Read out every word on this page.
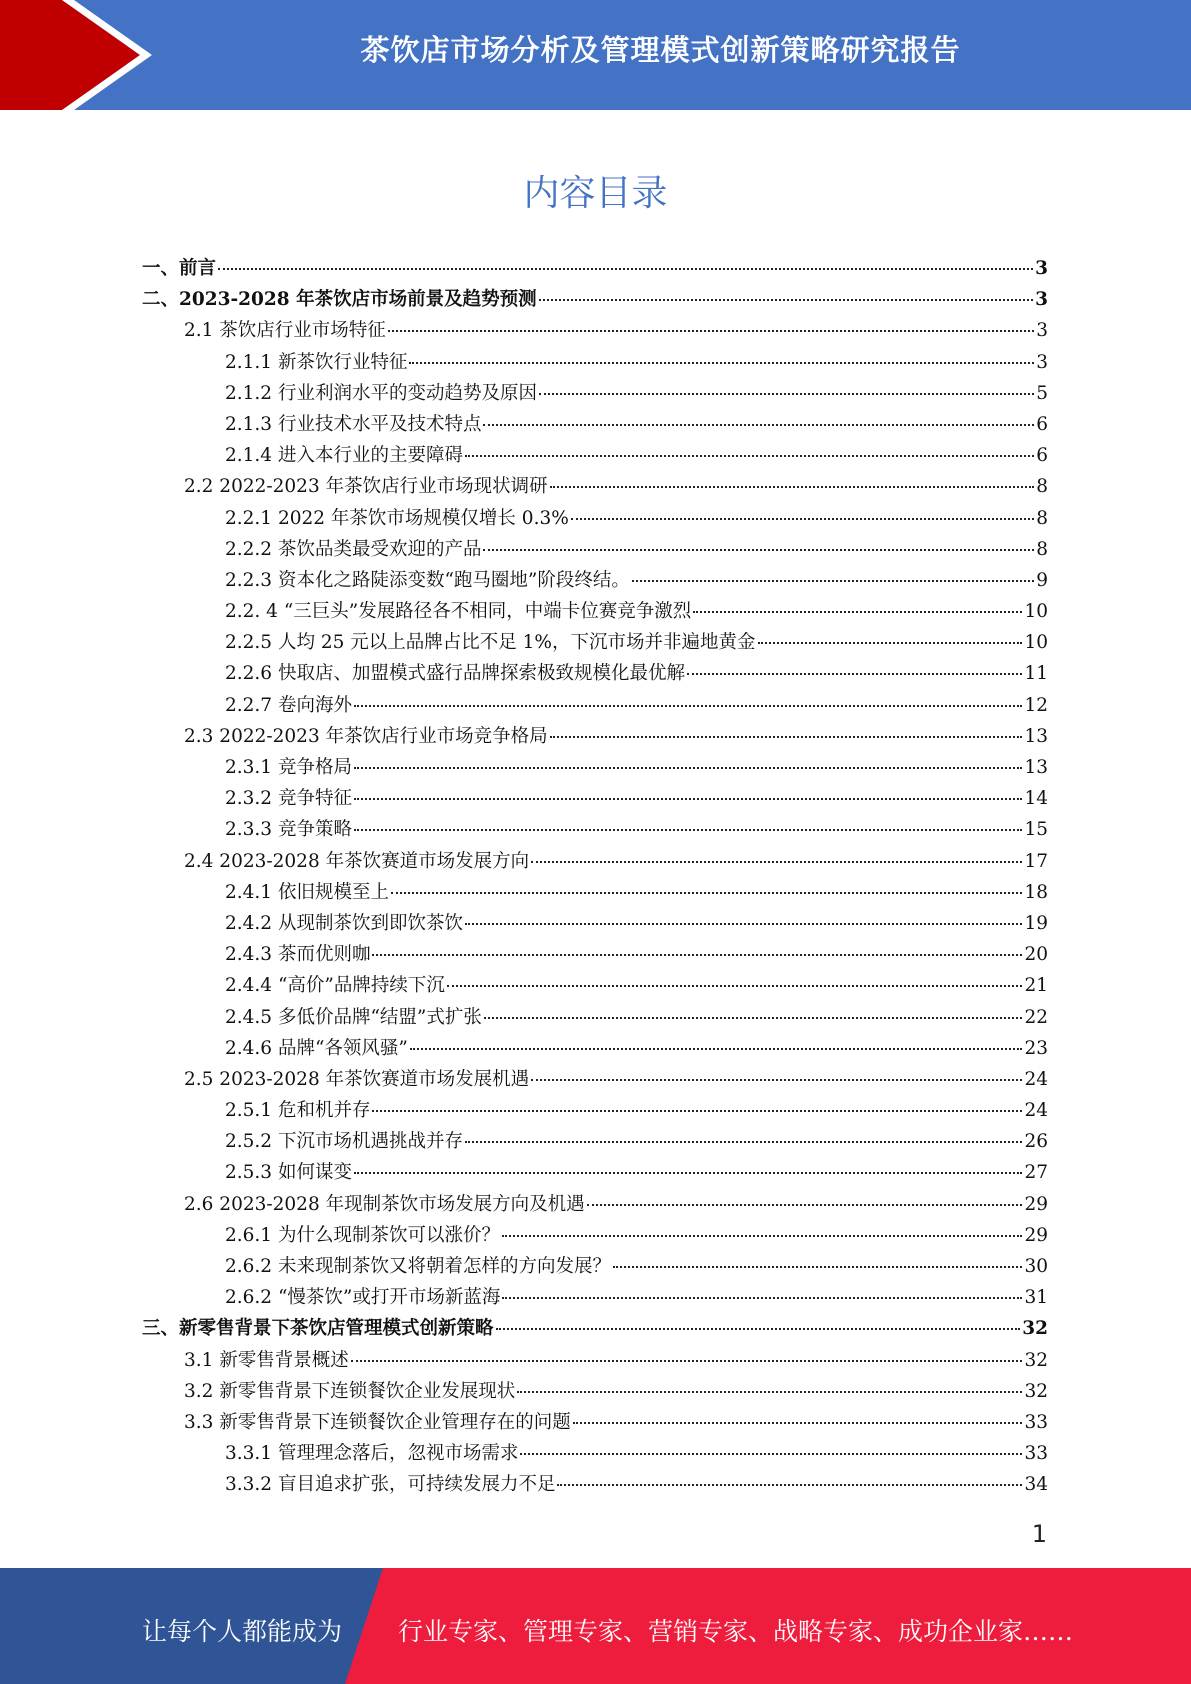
茶饮店市场分析及管理模式创新策略研究报告
内容目录
一、前言	3
二、2023-2028 年茶饮店市场前景及趋势预测	3
2.1 茶饮店行业市场特征	3
2.1.1 新茶饮行业特征	3
2.1.2 行业利润水平的变动趋势及原因	5
2.1.3 行业技术水平及技术特点	6
2.1.4 进入本行业的主要障碍	6
2.2 2022-2023 年茶饮店行业市场现状调研	8
2.2.1 2022 年茶饮市场规模仅增长 0.3%	8
2.2.2 茶饮品类最受欢迎的产品	8
2.2.3 资本化之路陡添变数“跑马圈地”阶段终结。	9
2.2. 4 “三巨头”发展路径各不相同，中端卡位赛竞争激烈	10
2.2.5 人均 25 元以上品牌占比不足 1%，下沉市场并非遍地黄金	10
2.2.6 快取店、加盟模式盛行品牌探索极致规模化最优解	11
2.2.7 卷向海外	12
2.3 2022-2023 年茶饮店行业市场竞争格局	13
2.3.1 竞争格局	13
2.3.2 竞争特征	14
2.3.3 竞争策略	15
2.4 2023-2028 年茶饮赛道市场发展方向	17
2.4.1 依旧规模至上	18
2.4.2 从现制茶饮到即饮茶饮	19
2.4.3 茶而优则咖	20
2.4.4 “高价”品牌持续下沉	21
2.4.5 多低价品牌“结盟”式扩张	22
2.4.6 品牌“各领风骚”	23
2.5 2023-2028 年茶饮赛道市场发展机遇	24
2.5.1 危和机并存	24
2.5.2 下沉市场机遇挑战并存	26
2.5.3 如何谋变	27
2.6 2023-2028 年现制茶饮市场发展方向及机遇	29
2.6.1 为什么现制茶饮可以涨价？	29
2.6.2 未来现制茶饮又将朝着怎样的方向发展？	30
2.6.2 “慢茶饮”或打开市场新蓝海	31
三、新零售背景下茶饮店管理模式创新策略	32
3.1 新零售背景概述	32
3.2 新零售背景下连锁餐饮企业发展现状	32
3.3 新零售背景下连锁餐饮企业管理存在的问题	33
3.3.1 管理理念落后，忽视市场需求	33
3.3.2 盲目追求扩张，可持续发展力不足	34
1
让每个人都能成为 行业专家、管理专家、营销专家、战略专家、成功企业家……
